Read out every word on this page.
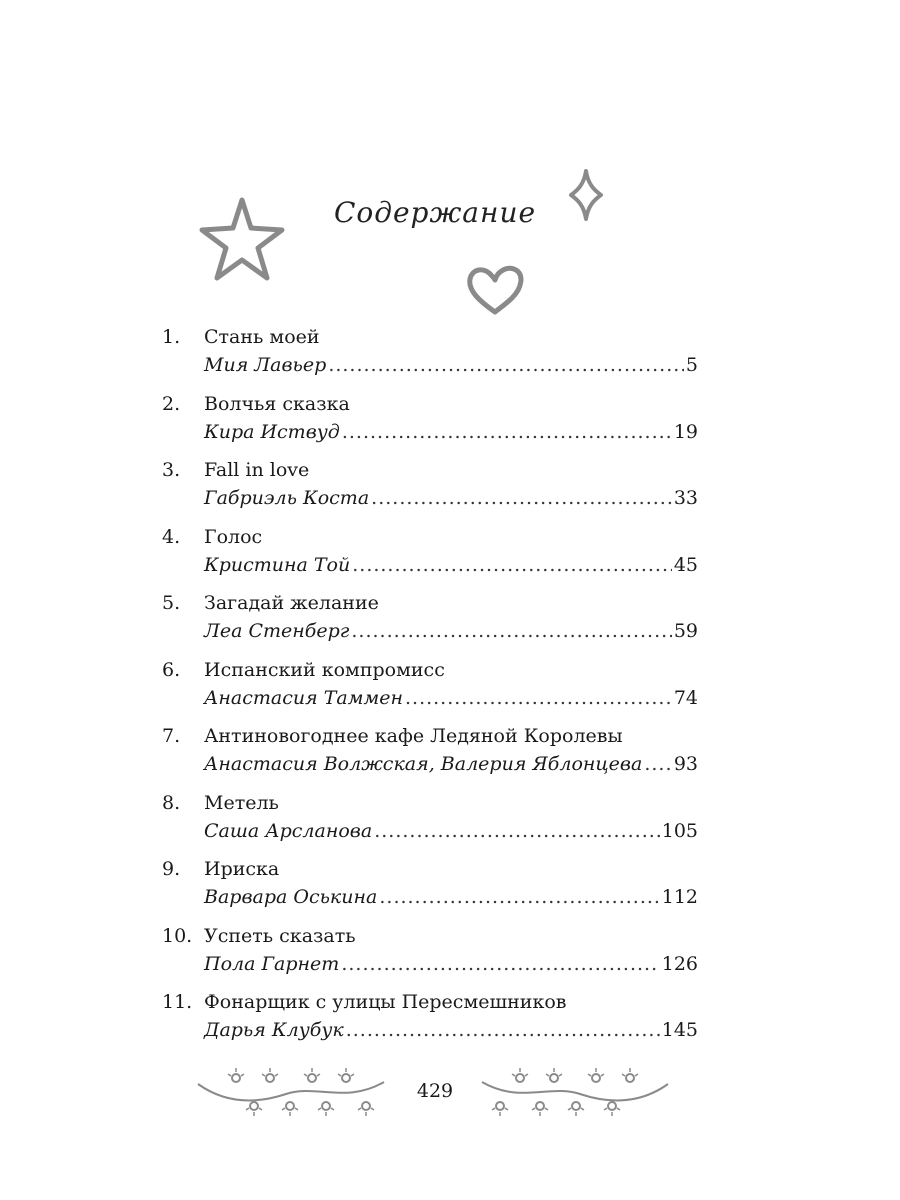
Содержание
1. Стань моей
Мия Лавьер .....	5
2. Волчья сказка
Кира Иствуд .....	19
3. Fall in love
Габриэль Коста .....	33
4. Голос
Кристина Той .....	45
5. Загадай желание
Леа Стенберг .....	59
6. Испанский компромисс
Анастасия Таммен .....	74
7. Антиновогоднее кафе Ледяной Королевы
Анастасия Волжская, Валерия Яблонцева ..... 93
8. Метель
Саша Арсланова .....	105
9. Ириска
Варвара Оськина .....	112
10. Успеть сказать
Пола Гарнет .....	126
11. Фонарщик с улицы Пересмешников
Дарья Клубук .....	145
429
